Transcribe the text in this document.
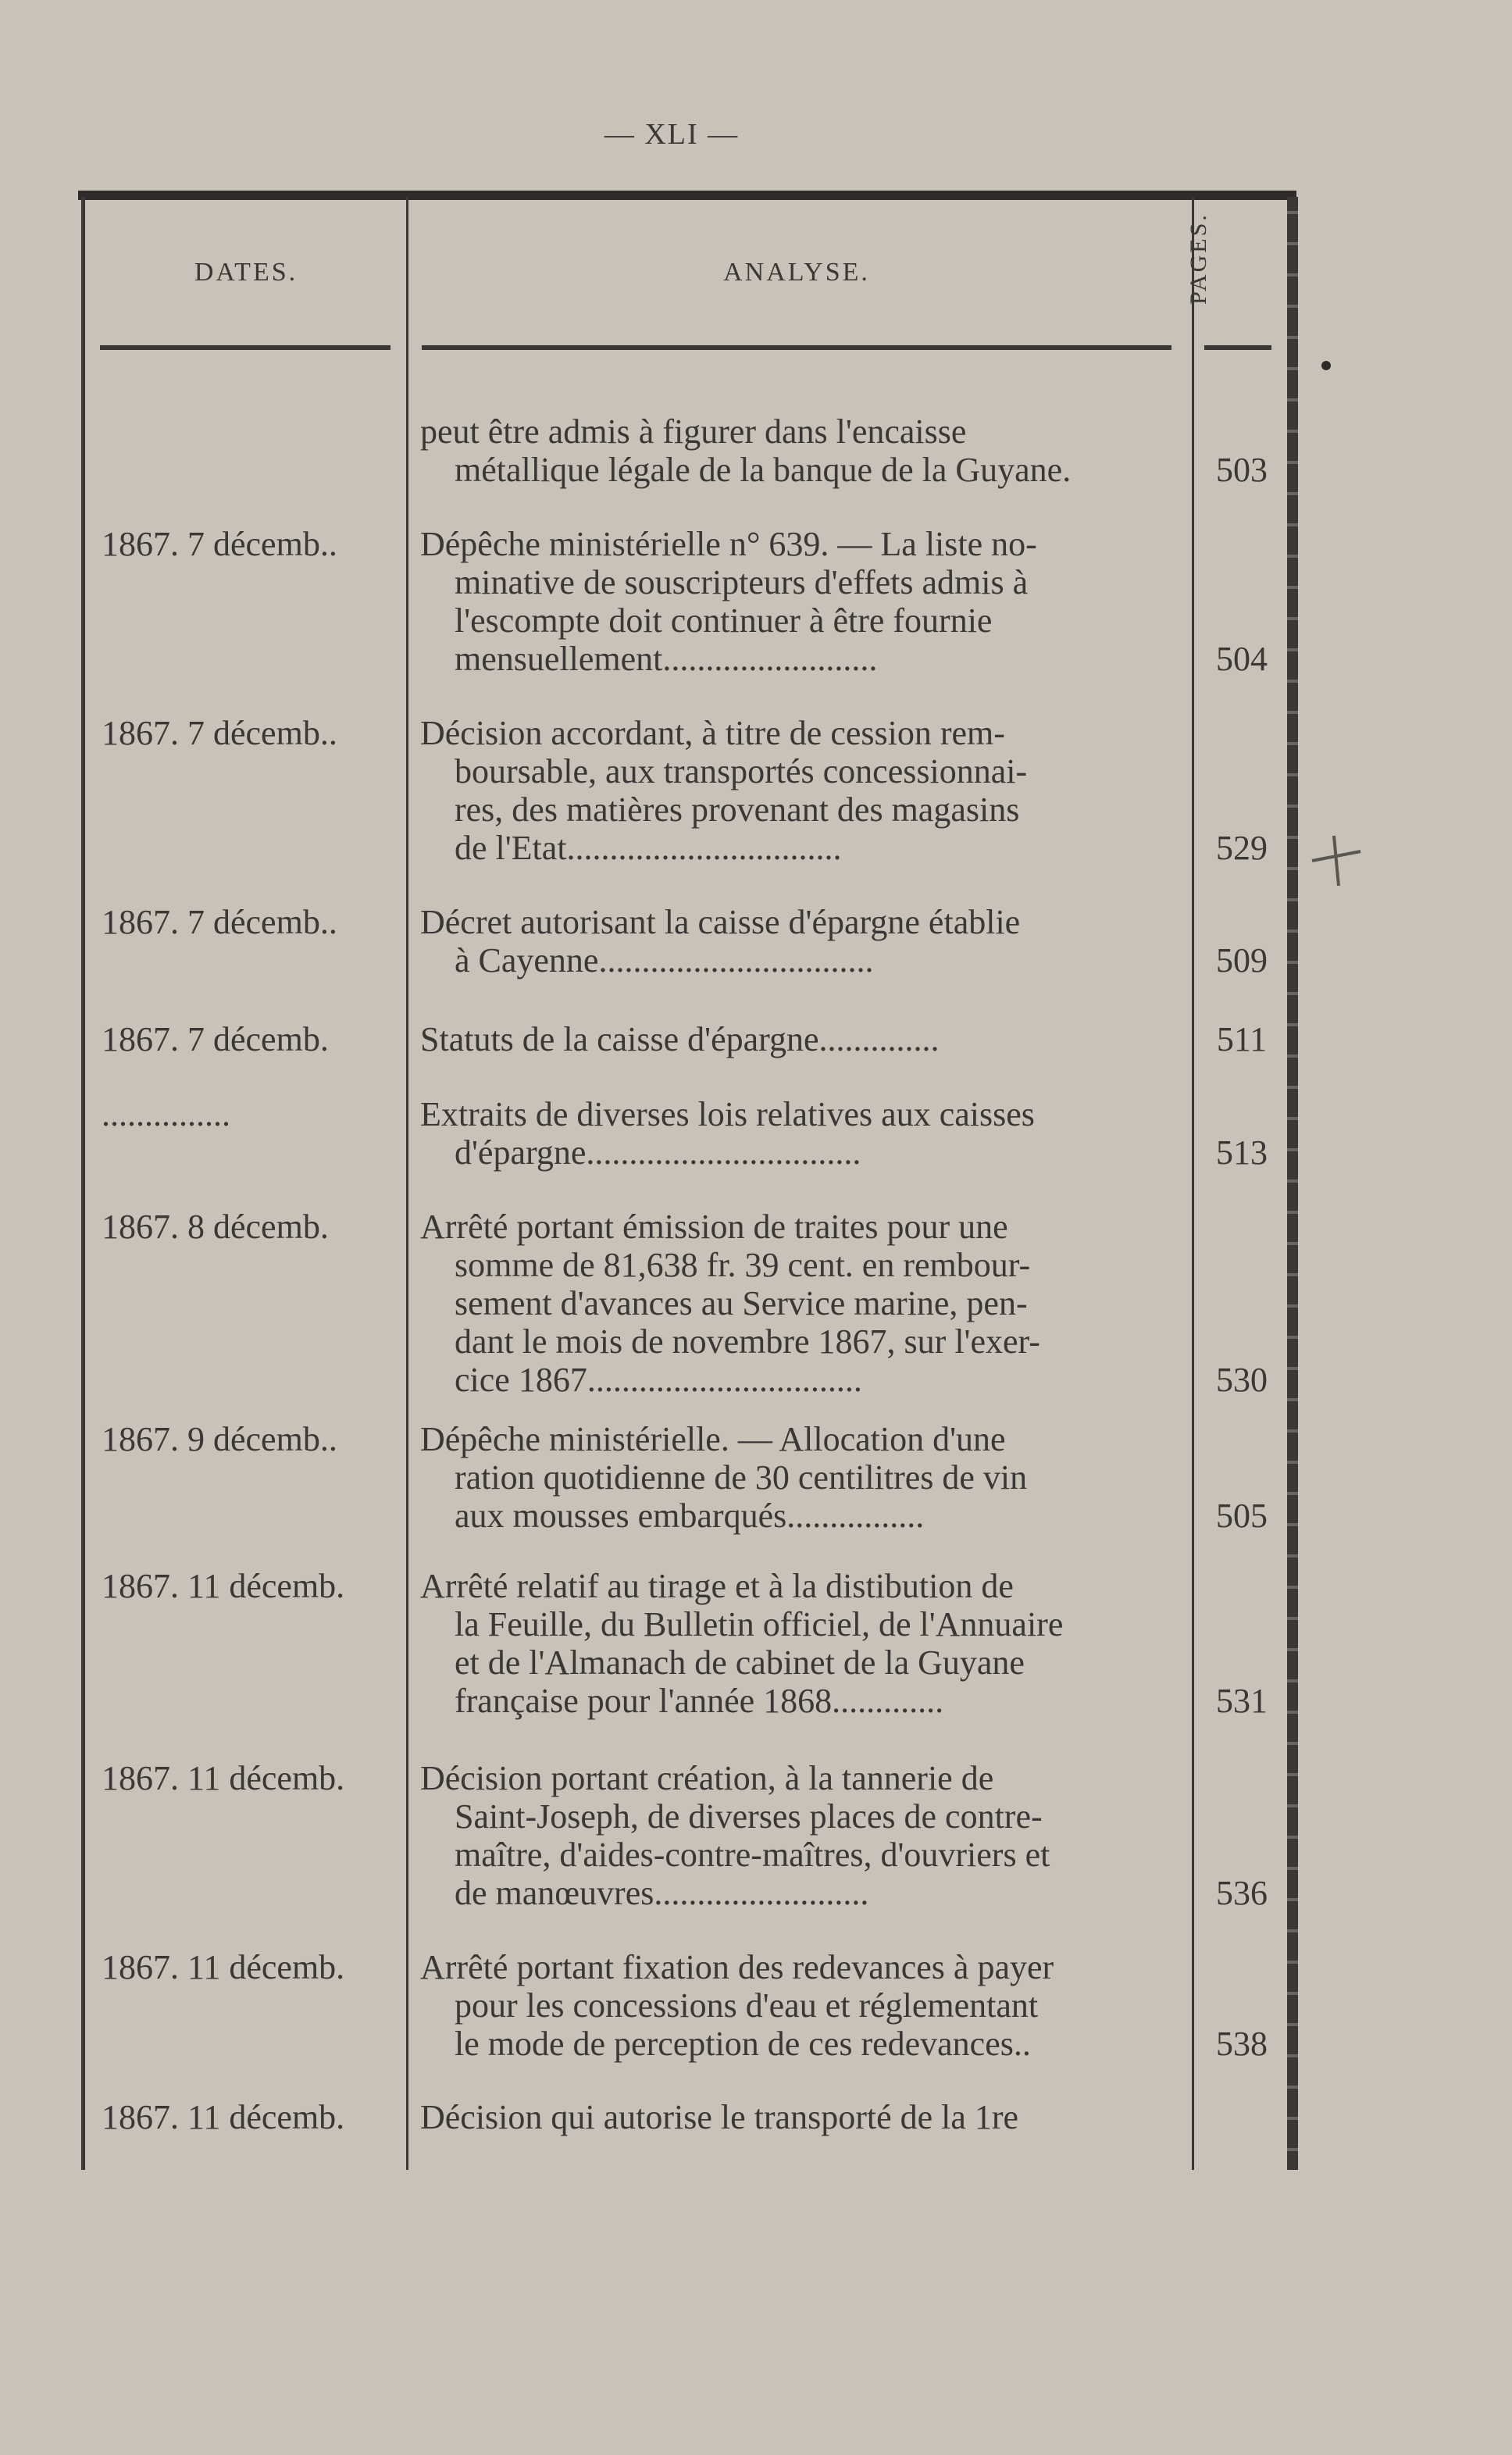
— XLI —
DATES.	ANALYSE.	PAGES.
peut être admis à figurer dans l'encaisse
métallique légale de la banque de la Guyane.	503
1867. 7 décemb..	Dépêche ministérielle n° 639. — La liste no-
minative de souscripteurs d'effets admis à
l'escompte doit continuer à être fournie
mensuellement.........................	504
1867. 7 décemb..	Décision accordant, à titre de cession rem-
boursable, aux transportés concessionnai-
res, des matières provenant des magasins
de l'Etat................................	529
1867. 7 décemb..	Décret autorisant la caisse d'épargne établie
à Cayenne................................	509
1867. 7 décemb.	Statuts de la caisse d'épargne..............	511
...............	Extraits de diverses lois relatives aux caisses
d'épargne................................	513
1867. 8 décemb.	Arrêté portant émission de traites pour une
somme de 81,638 fr. 39 cent. en rembour-
sement d'avances au Service marine, pen-
dant le mois de novembre 1867, sur l'exer-
cice 1867................................	530
1867. 9 décemb..	Dépêche ministérielle. — Allocation d'une
ration quotidienne de 30 centilitres de vin
aux mousses embarqués................	505
1867. 11 décemb.	Arrêté relatif au tirage et à la distibution de
la Feuille, du Bulletin officiel, de l'Annuaire
et de l'Almanach de cabinet de la Guyane
française pour l'année 1868.............	531
1867. 11 décemb.	Décision portant création, à la tannerie de
Saint-Joseph, de diverses places de contre-
maître, d'aides-contre-maîtres, d'ouvriers et
de manœuvres.........................	536
1867. 11 décemb.	Arrêté portant fixation des redevances à payer
pour les concessions d'eau et réglementant
le mode de perception de ces redevances..	538
1867. 11 décemb.	Décision qui autorise le transporté de la 1re
